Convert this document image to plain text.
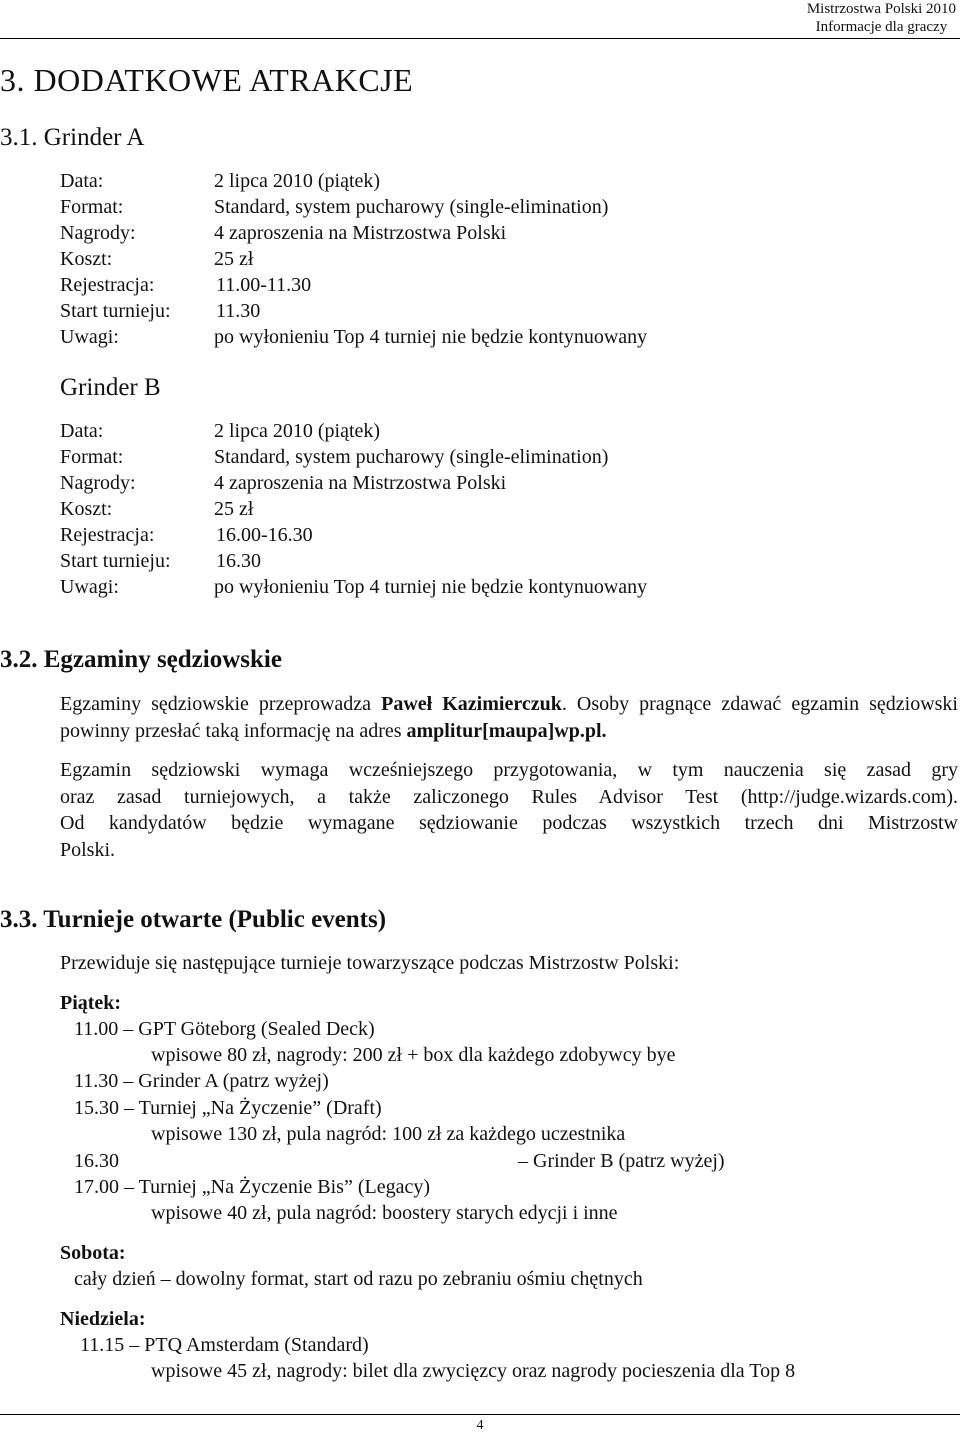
Mistrzostwa Polski 2010
Informacje dla graczy
3. DODATKOWE ATRAKCJE
3.1. Grinder A
Data:	2 lipca 2010 (piątek)
Format:	Standard, system pucharowy (single-elimination)
Nagrody:	4 zaproszenia na Mistrzostwa Polski
Koszt:	25 zł
Rejestracja:	11.00-11.30
Start turnieju: 11.30
Uwagi:	po wyłonieniu Top 4 turniej nie będzie kontynuowany
Grinder B
Data:	2 lipca 2010 (piątek)
Format:	Standard, system pucharowy (single-elimination)
Nagrody:	4 zaproszenia na Mistrzostwa Polski
Koszt:	25 zł
Rejestracja:	16.00-16.30
Start turnieju: 16.30
Uwagi:	po wyłonieniu Top 4 turniej nie będzie kontynuowany
3.2. Egzaminy sędziowskie
Egzaminy sędziowskie przeprowadza Paweł Kazimierczuk. Osoby pragnące zdawać egzamin sędziowski powinny przesłać taką informację na adres amplitur[maupa]wp.pl.
Egzamin sędziowski wymaga wcześniejszego przygotowania, w tym nauczenia się zasad gry
oraz zasad turniejowych, a także zaliczonego Rules Advisor Test (http://judge.wizards.com).
Od kandydatów będzie wymagane sędziowanie podczas wszystkich trzech dni Mistrzostw
Polski.
3.3. Turnieje otwarte (Public events)
Przewiduje się następujące turnieje towarzyszące podczas Mistrzostw Polski:
Piątek:
11.00 – GPT Göteborg (Sealed Deck)
wpisowe 80 zł, nagrody: 200 zł + box dla każdego zdobywcy bye
11.30 – Grinder A (patrz wyżej)
15.30 – Turniej „Na Życzenie” (Draft)
wpisowe 130 zł, pula nagród: 100 zł za każdego uczestnika
16.30	– Grinder B (patrz wyżej)
17.00 – Turniej „Na Życzenie Bis” (Legacy)
wpisowe 40 zł, pula nagród: boostery starych edycji i inne
Sobota:
cały dzień – dowolny format, start od razu po zebraniu ośmiu chętnych
Niedziela:
11.15 – PTQ Amsterdam (Standard)
wpisowe 45 zł, nagrody: bilet dla zwycięzcy oraz nagrody pocieszenia dla Top 8
4
